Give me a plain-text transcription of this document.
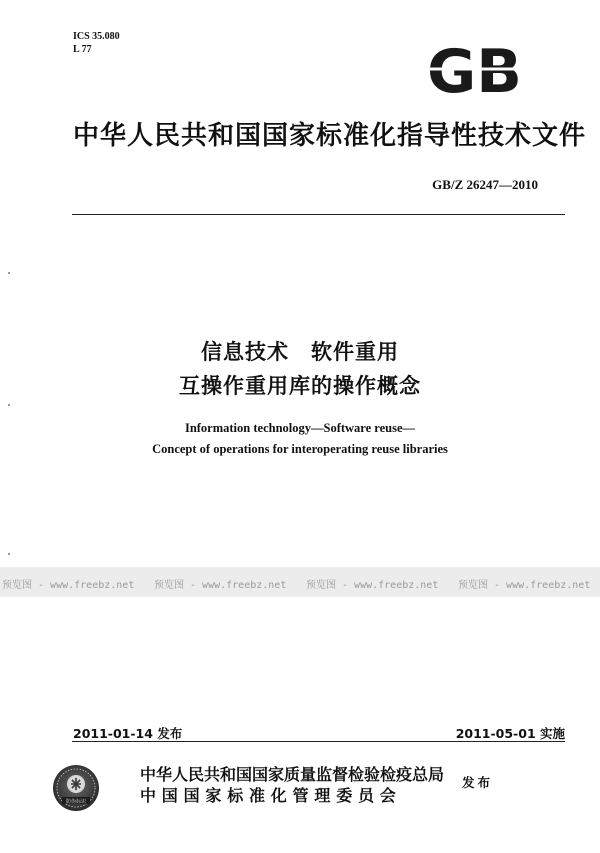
ICS 35.080
L 77	GB
中华人民共和国国家标准化指导性技术文件
GB/Z 26247—2010
信息技术　软件重用
互操作重用库的操作概念
Information technology—Software reuse—
Concept of operations for interoperating reuse libraries
预览图 - www.freebz.net 预览图 - www.freebz.net 预览图 - www.freebz.net 预览图 - www.freebz.net
2011-01-14 发布	2011-05-01 实施
防伪标识
中华人民共和国国家质量监督检验检疫总局
中国国家标准化管理委员会
发布
